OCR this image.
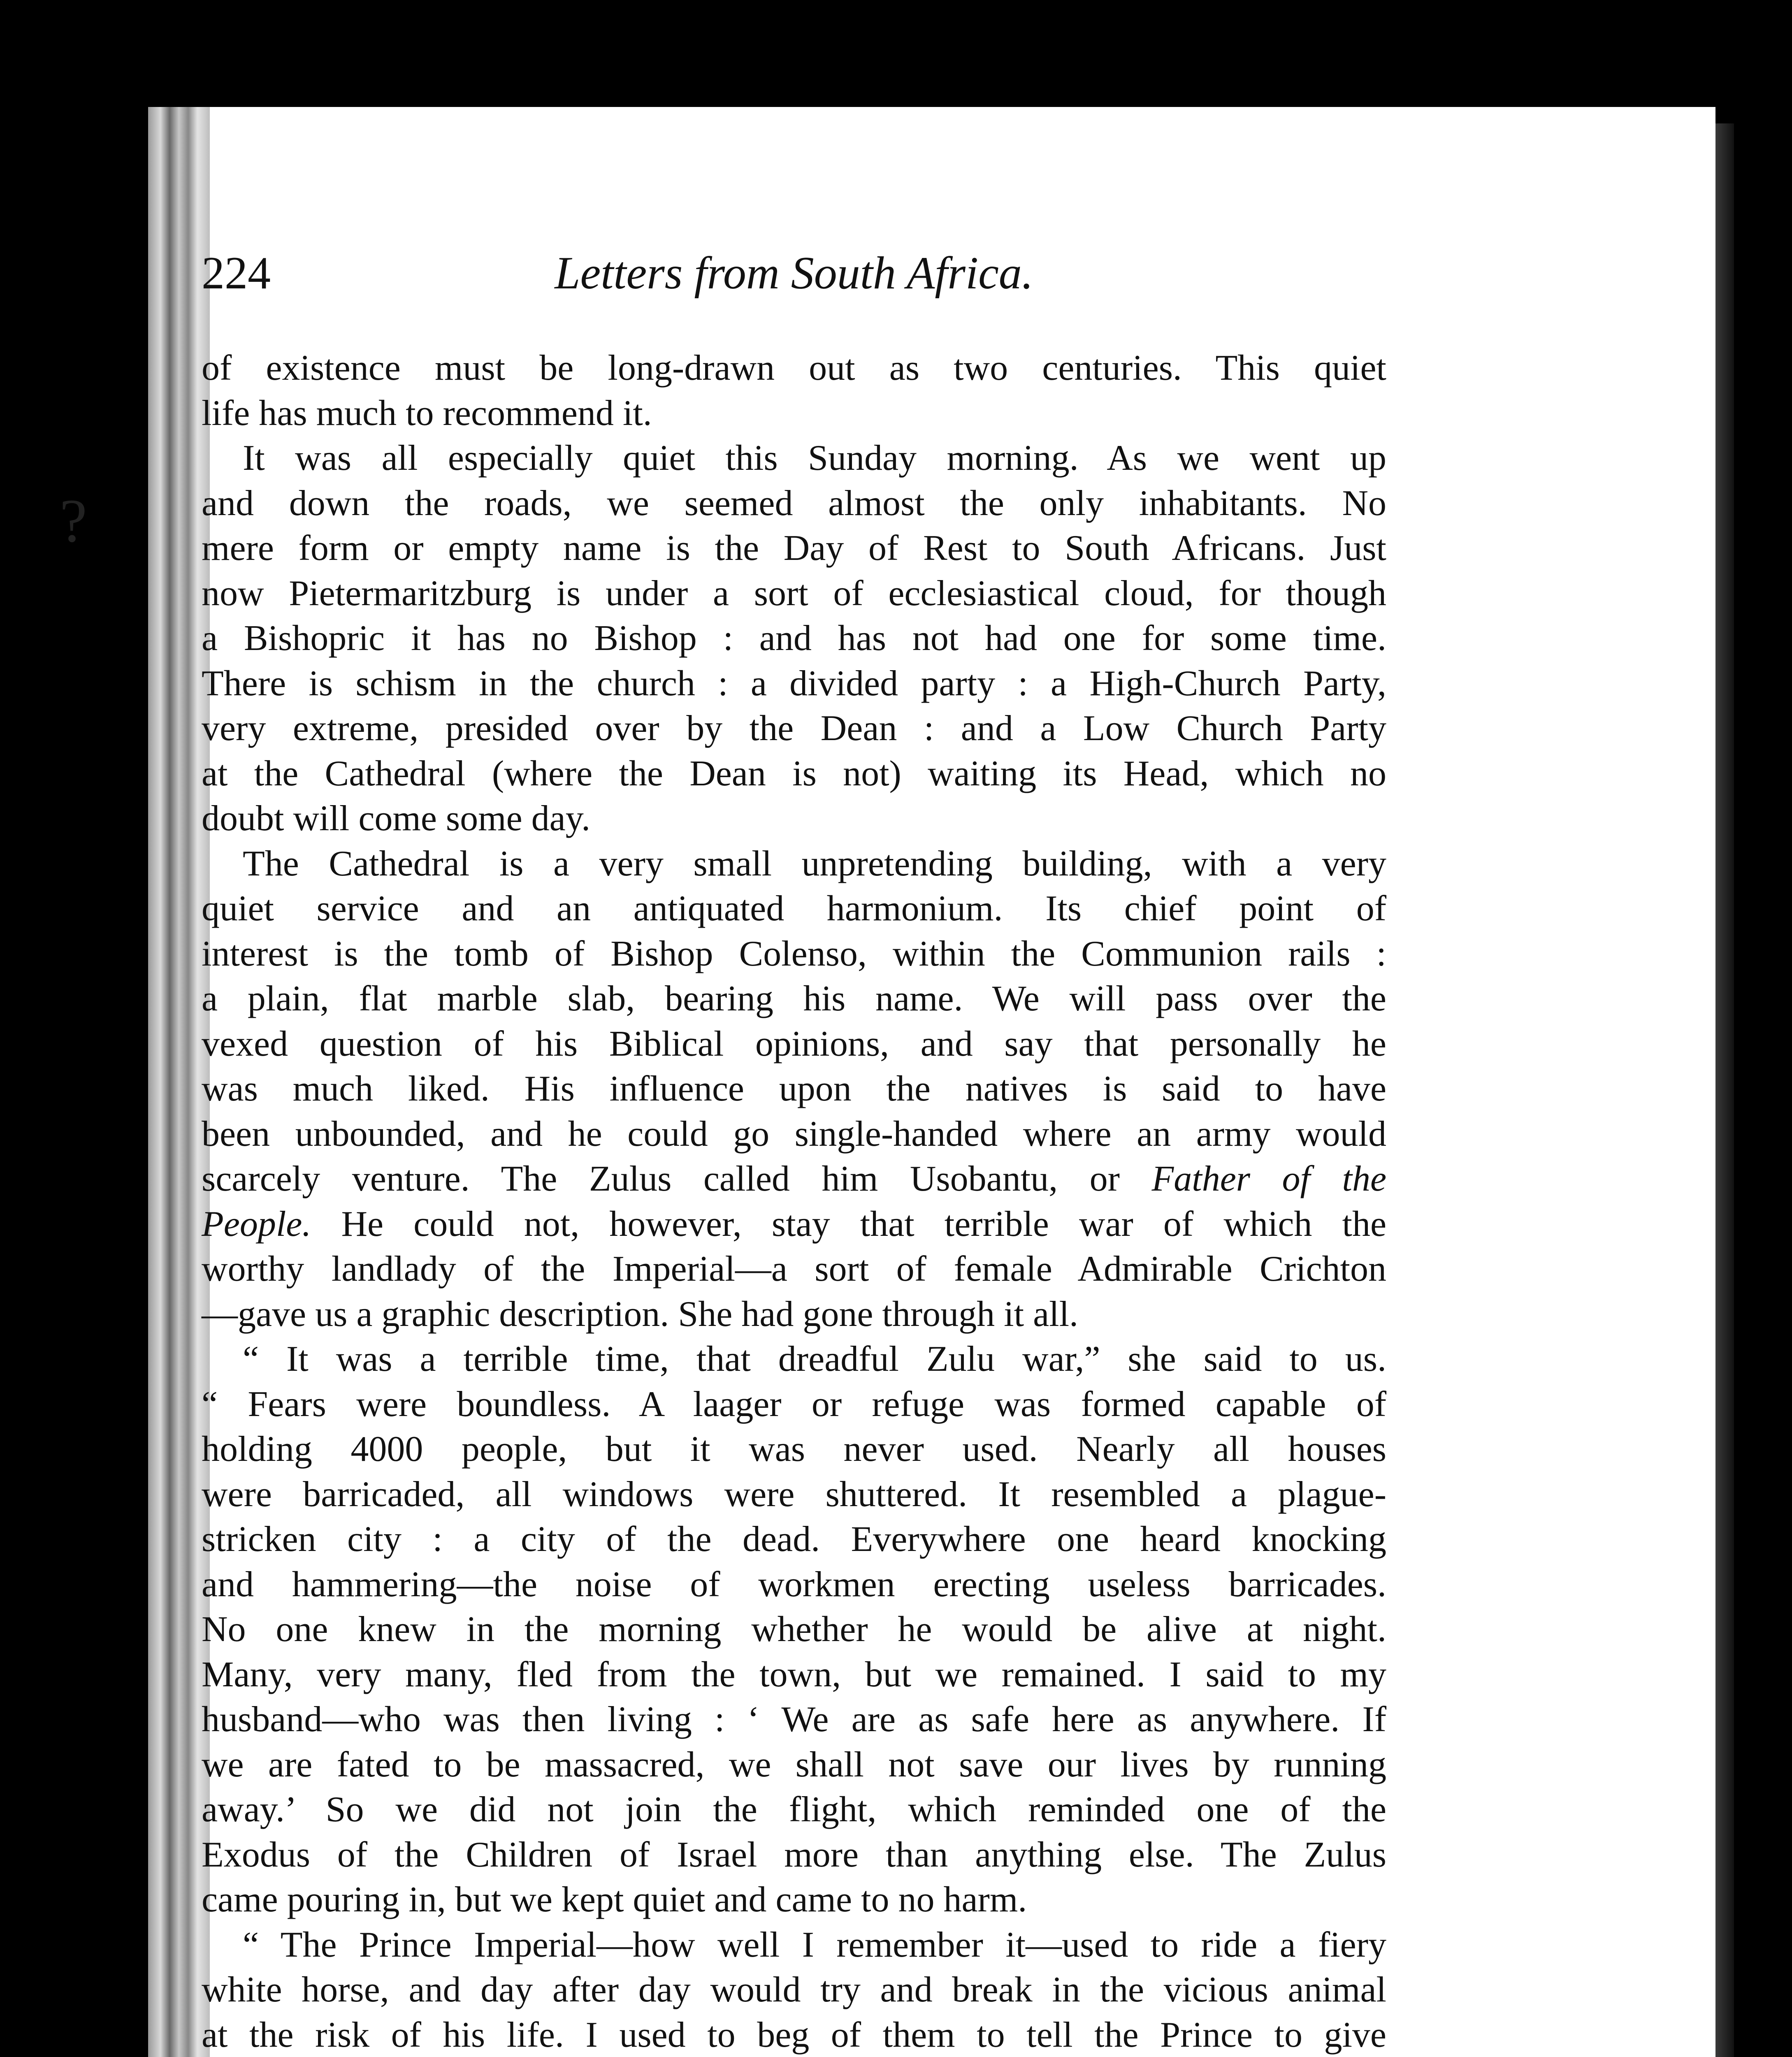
?
224	Letters from South Africa.
of existence must be long-drawn out as two centuries. This quiet
life has much to recommend it.
It was all especially quiet this Sunday morning. As we went up
and down the roads, we seemed almost the only inhabitants. No
mere form or empty name is the Day of Rest to South Africans. Just
now Pietermaritzburg is under a sort of ecclesiastical cloud, for though
a Bishopric it has no Bishop : and has not had one for some time.
There is schism in the church : a divided party : a High-Church Party,
very extreme, presided over by the Dean : and a Low Church Party
at the Cathedral (where the Dean is not) waiting its Head, which no
doubt will come some day.
The Cathedral is a very small unpretending building, with a very
quiet service and an antiquated harmonium. Its chief point of
interest is the tomb of Bishop Colenso, within the Communion rails :
a plain, flat marble slab, bearing his name. We will pass over the
vexed question of his Biblical opinions, and say that personally he
was much liked. His influence upon the natives is said to have
been unbounded, and he could go single-handed where an army would
scarcely venture. The Zulus called him Usobantu, or Father of the
People. He could not, however, stay that terrible war of which the
worthy landlady of the Imperial—a sort of female Admirable Crichton
—gave us a graphic description. She had gone through it all.
“ It was a terrible time, that dreadful Zulu war,” she said to us.
“ Fears were boundless. A laager or refuge was formed capable of
holding 4000 people, but it was never used. Nearly all houses
were barricaded, all windows were shuttered. It resembled a plague-
stricken city : a city of the dead. Everywhere one heard knocking
and hammering—the noise of workmen erecting useless barricades.
No one knew in the morning whether he would be alive at night.
Many, very many, fled from the town, but we remained. I said to my
husband—who was then living : ‘ We are as safe here as anywhere. If
we are fated to be massacred, we shall not save our lives by running
away.’ So we did not join the flight, which reminded one of the
Exodus of the Children of Israel more than anything else. The Zulus
came pouring in, but we kept quiet and came to no harm.
“ The Prince Imperial—how well I remember it—used to ride a fiery
white horse, and day after day would try and break in the vicious animal
at the risk of his life. I used to beg of them to tell the Prince to give
